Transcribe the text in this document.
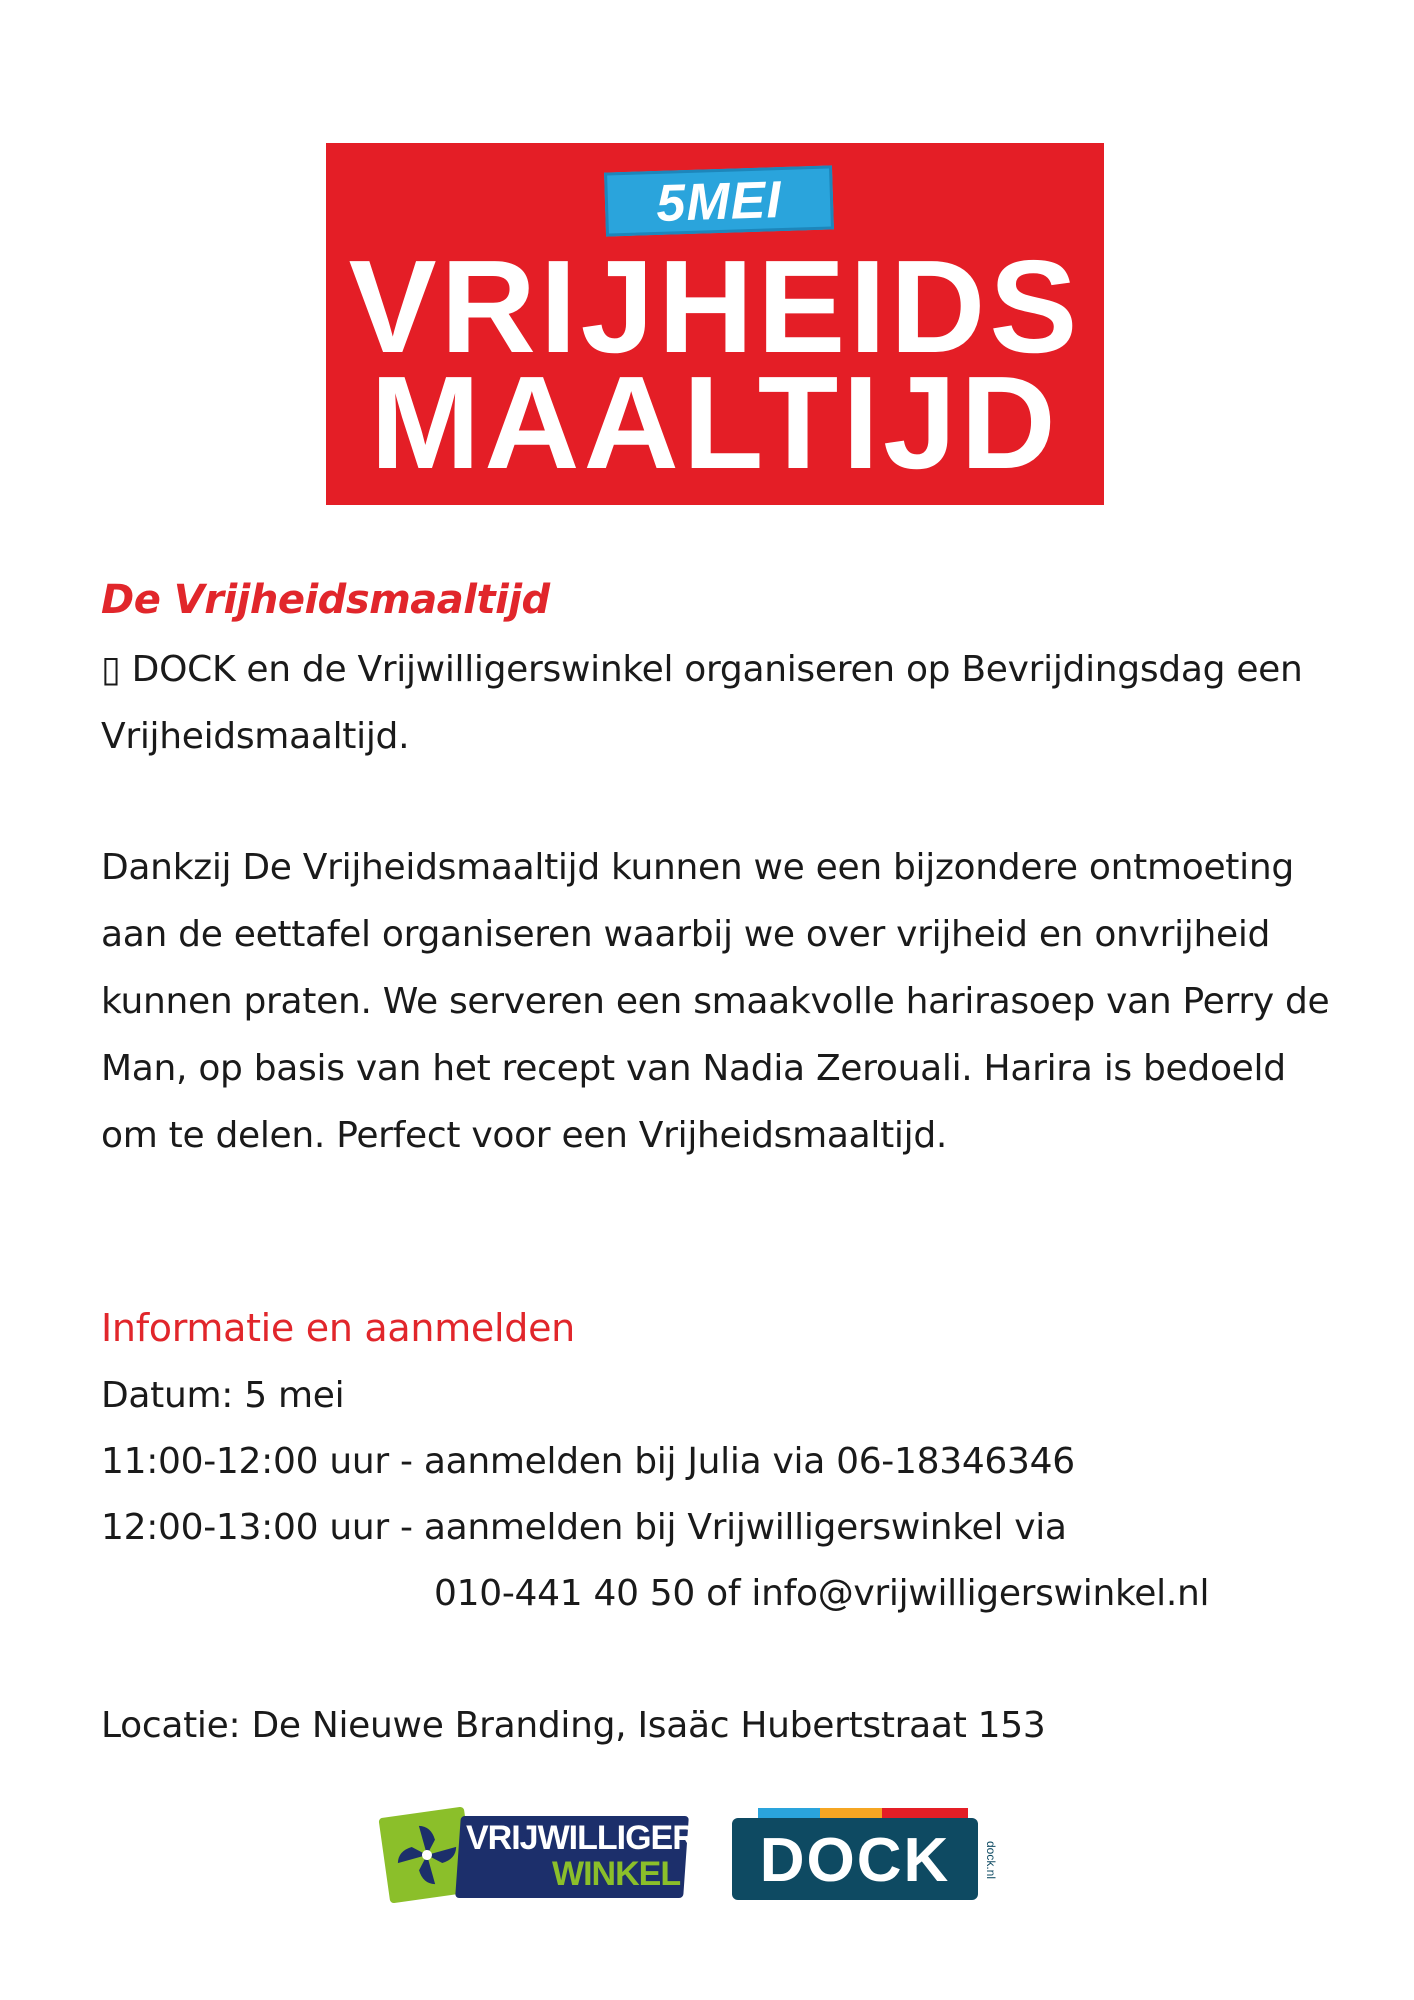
5MEI
VRIJHEIDS
MAALTIJD
De Vrijheidsmaaltijd

▯ DOCK en de Vrijwilligerswinkel organiseren op Bevrijdingsdag een Vrijheidsmaaltijd.

Dankzij De Vrijheidsmaaltijd kunnen we een bijzondere ontmoeting aan de eettafel organiseren waarbij we over vrijheid en onvrijheid kunnen praten. We serveren een smaakvolle harirasoep van Perry de Man, op basis van het recept van Nadia Zerouali. Harira is bedoeld om te delen. Perfect voor een Vrijheidsmaaltijd.

Informatie en aanmelden

Datum: 5 mei

11:00-12:00 uur - aanmelden bij Julia via 06-18346346

12:00-13:00 uur - aanmelden bij Vrijwilligerswinkel via

010-441 40 50 of info@vrijwilligerswinkel.nl

Locatie: De Nieuwe Branding, Isaäc Hubertstraat 153

VRIJWILLIGERS
WINKEL	DOCK	dock.nl
